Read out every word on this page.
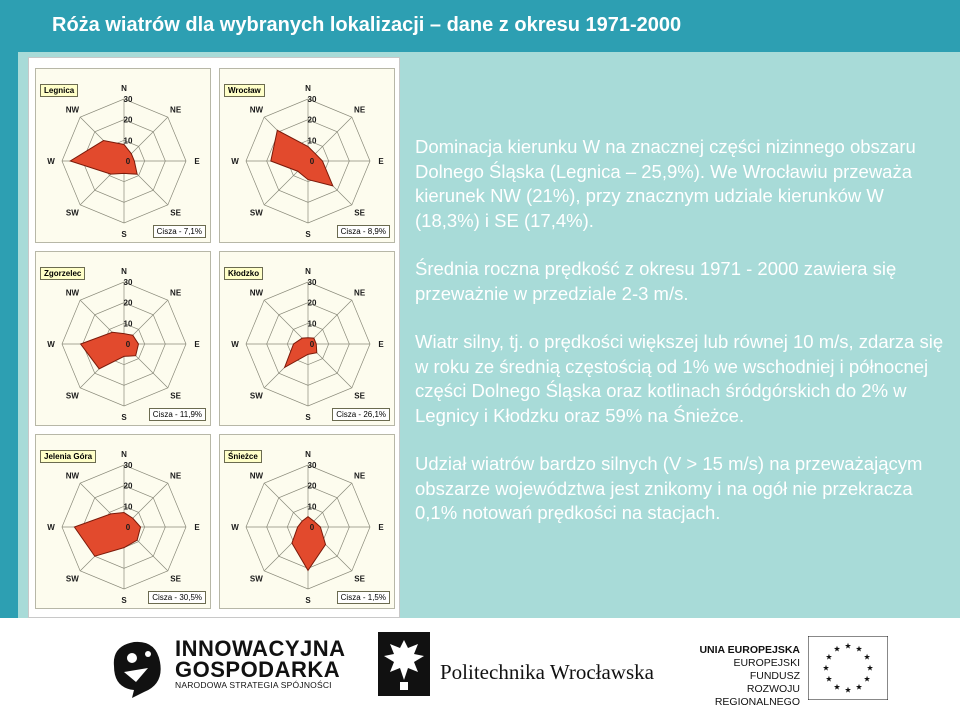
Róża wiatrów dla wybranych lokalizacji – dane z okresu 1971-2000
0
10
20
30
N
NE
E
SE
S
SW
W
NW
Legnica
Cisza - 7,1%
0
10
20
30
N
NE
E
SE
S
SW
W
NW
Wrocław
Cisza - 8,9%
0
10
20
30
N
NE
E
SE
S
SW
W
NW
Zgorzelec
Cisza - 11,9%
0
10
20
30
N
NE
E
SE
S
SW
W
NW
Kłodzko
Cisza - 26,1%
0
10
20
30
N
NE
E
SE
S
SW
W
NW
Jelenia Góra
Cisza - 30,5%
0
10
20
30
N
NE
E
SE
S
SW
W
NW
Śnieżce
Cisza - 1,5%

Dominacja kierunku W na znacznej części nizinnego obszaru Dolnego Śląska (Legnica – 25,9%). We Wrocławiu przeważa kierunek NW (21%), przy znacznym udziale kierunków W (18,3%) i SE (17,4%).

Średnia roczna prędkość z okresu 1971 - 2000 zawiera się przeważnie w przedziale 2-3 m/s.

Wiatr silny, tj. o prędkości większej lub równej 10 m/s, zdarza się w roku ze średnią częstością od 1% we wschodniej i północnej części Dolnego Śląska oraz kotlinach śródgórskich do 2% w Legnicy i Kłodzku oraz 59% na Śnieżce.

Udział wiatrów bardzo silnych (V > 15 m/s) na przeważającym obszarze województwa jest znikomy i na ogół nie przekracza 0,1% notowań prędkości na stacjach.

INNOWACYJNA
GOSPODARKA
NARODOWA STRATEGIA SPÓJNOŚCI
Politechnika Wrocławska
UNIA EUROPEJSKA
EUROPEJSKI FUNDUSZ
ROZWOJU REGIONALNEGO
